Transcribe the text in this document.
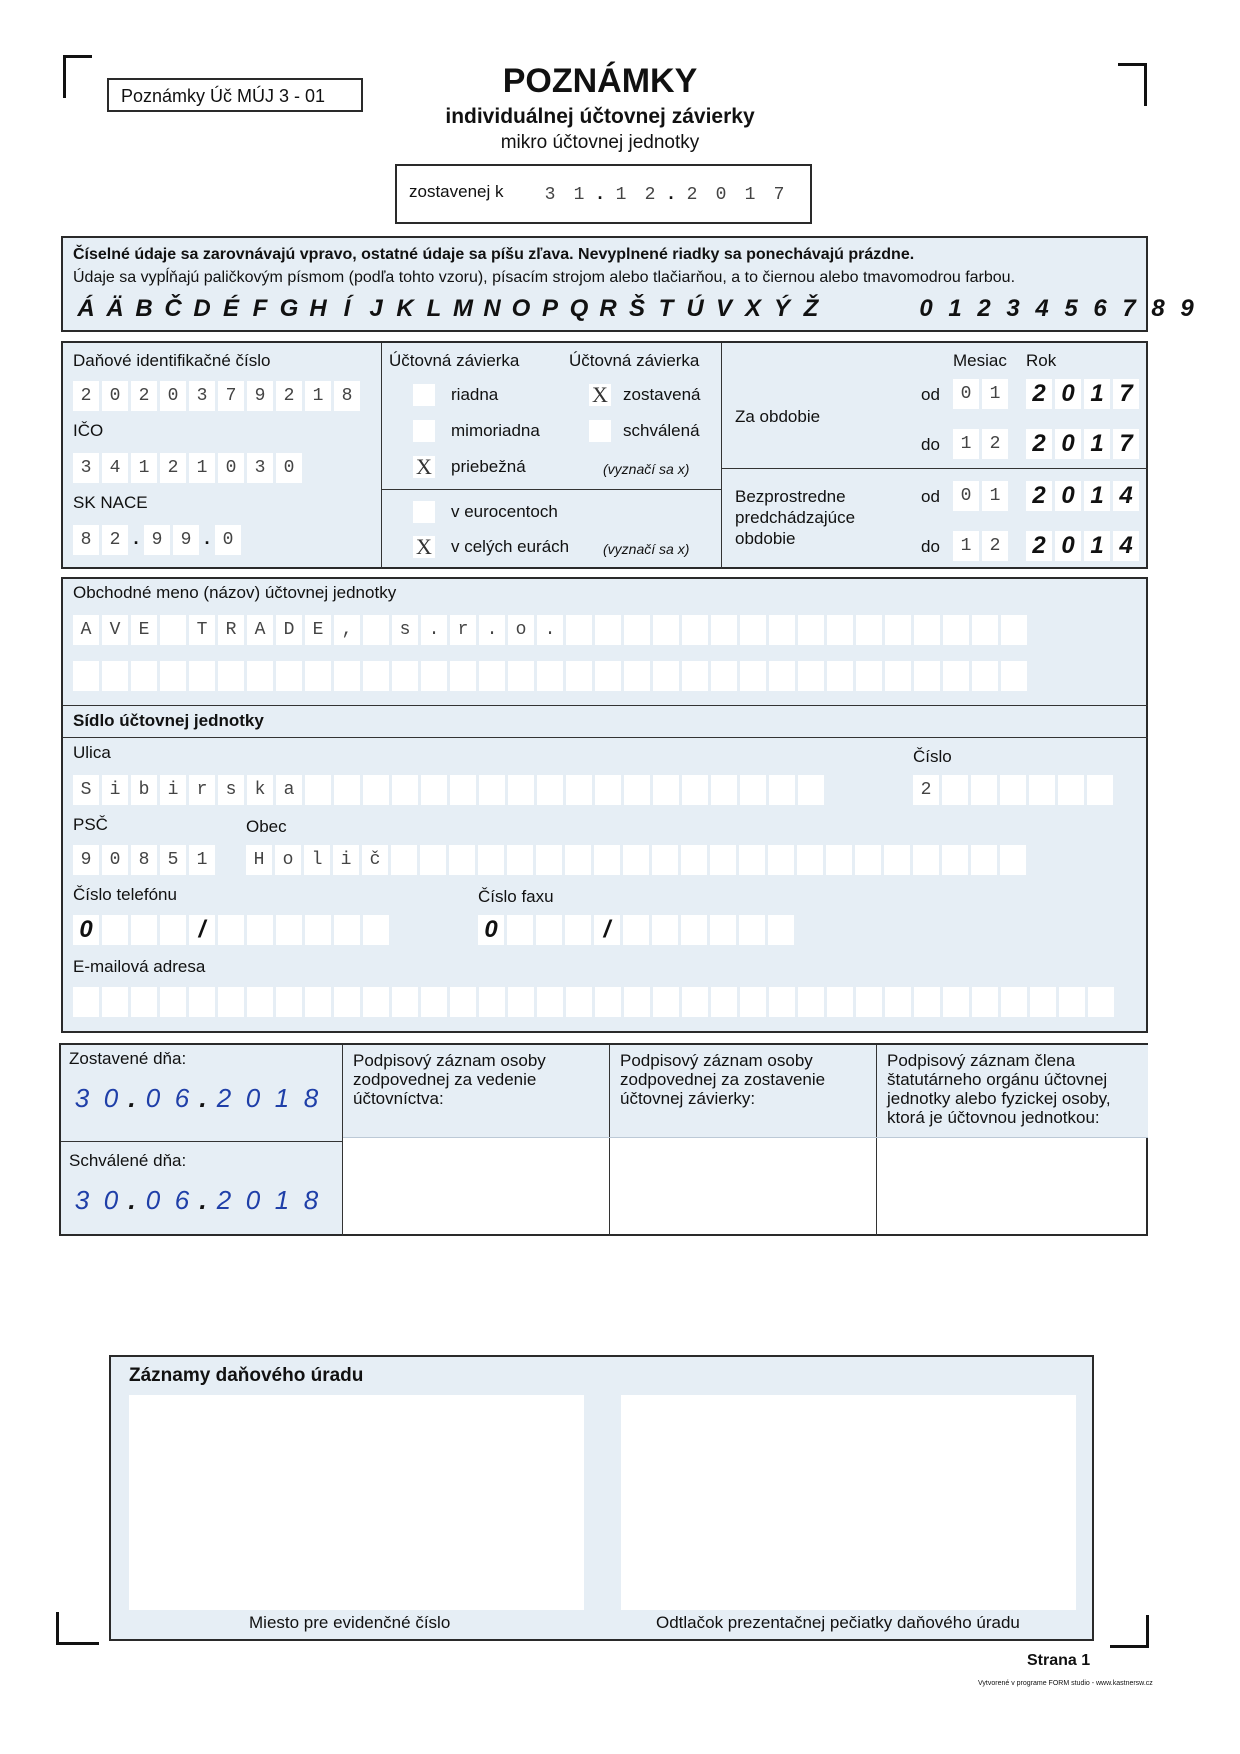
Poznámky Úč MÚJ 3 - 01	POZNÁMKY
individuálnej účtovnej závierky
mikro účtovnej jednotky
zostavenej k	3	1 . 1	2 . 2	0	1	7
Číselné údaje sa zarovnávajú vpravo, ostatné údaje sa píšu zľava. Nevyplnené riadky sa ponechávajú prázdne.
Údaje sa vypĺňajú paličkovým písmom (podľa tohto vzoru), písacím strojom alebo tlačiarňou, a to čiernou alebo tmavomodrou farbou.
Á Ä B Č D É F G H Í J K L M N O P Q R Š T Ú V X Ý Ž	0 1 2 3 4 5 6 7 8 9
Daňové identifikačné číslo
2	0	2	0	3	7	9	2	1	8
IČO
3	4	1	2	1	0	3	0
SK NACE
8	2 . 9	9 . 0
Účtovná závierka	Účtovná závierka
riadna	X zostavená
mimoriadna	schválená
X priebežná	(vyznačí sa x)
v eurocentoch
X v celých eurách (vyznačí sa x)
Mesiac Rok
Za obdobie
od	0	1	2 0 1 7
do	1	2	2 0 1 7
Bezprostredne predchádzajúce obdobie
od	0	1	2 0 1 4
do	1	2	2 0 1 4
Obchodné meno (názov) účtovnej jednotky
A	V	E	T	R	A	D	E	,	s	.	r	.	o	.
Sídlo účtovnej jednotky
Ulica
S	i	b	i	r	s	k	a
Číslo
2
PSČ
9	0	8	5	1
Obec
H	o	l	i	č
Číslo telefónu
0	/
Číslo faxu
0	/
E-mailová adresa
Zostavené dňa:
3 0 . 0 6 . 2 0 1 8
Schválené dňa:
3 0 . 0 6 . 2 0 1 8
Podpisový záznam osoby zodpovednej za vedenie účtovníctva:
Podpisový záznam osoby zodpovednej za zostavenie účtovnej závierky:
Podpisový záznam člena štatutárneho orgánu účtovnej jednotky alebo fyzickej osoby, ktorá je účtovnou jednotkou:
Záznamy daňového úradu
Miesto pre evidenčné číslo	Odtlačok prezentačnej pečiatky daňového úradu
Strana 1
Vytvorené v programe FORM studio - www.kastnersw.cz
